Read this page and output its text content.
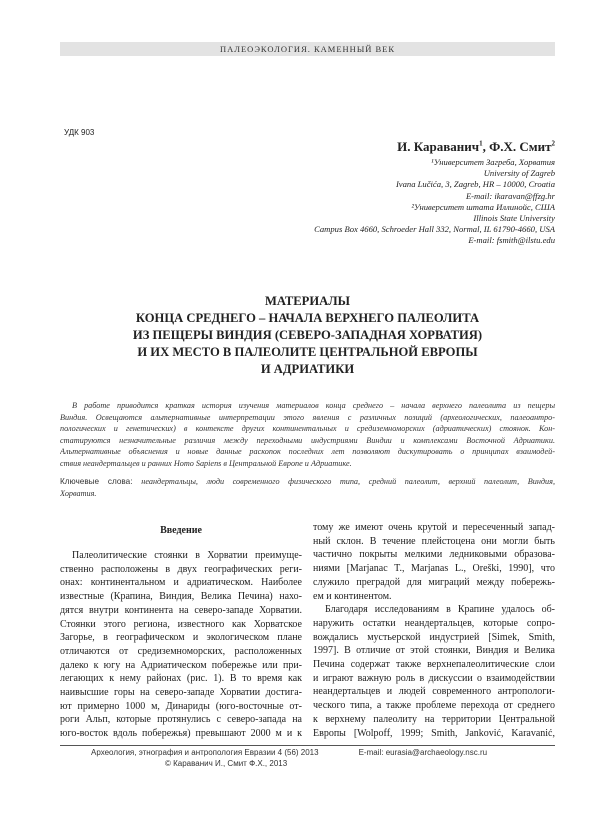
ПАЛЕОЭКОЛОГИЯ. КАМЕННЫЙ ВЕК
УДК 903
И. Караванич$^1$, Ф.Х. Смит$^2$
¹Университет Загреба, Хорватия
University of Zagreb
Ivana Lučića, 3, Zagreb, HR – 10000, Croatia
E-mail: ikaravan@ffzg.hr
²Университет штата Иллинойс, США
Illinois State University
Campus Box 4660, Schroeder Hall 332, Normal, IL 61790-4660, USA
E-mail: fsmith@ilstu.edu
МАТЕРИАЛЫ
КОНЦА СРЕДНЕГО – НАЧАЛА ВЕРХНЕГО ПАЛЕОЛИТА
ИЗ ПЕЩЕРЫ ВИНДИЯ (СЕВЕРО-ЗАПАДНАЯ ХОРВАТИЯ)
И ИХ МЕСТО В ПАЛЕОЛИТЕ ЦЕНТРАЛЬНОЙ ЕВРОПЫ
И АДРИАТИКИ
В работе приводится краткая история изучения материалов конца среднего – начала верхнего палеолита из пещеры
Виндия. Освещаются альтернативные интерпретации этого явления с различных позиций (археологических, палеоантро-
пологических и генетических) в контексте других континентальных и средиземноморских (адриатических) стоянок. Кон-
статируются незначительные различия между переходными индустриями Виндии и комплексами Восточной Адриатики.
Альтернативные объяснения и новые данные раскопок последних лет позволяют дискутировать о принципах взаимодей-
ствия неандертальцев и ранних Homo Sapiens в Центральной Европе и Адриатике.
Ключевые слова: неандертальцы, люди современного физического типа, средний палеолит, верхний палеолит, Виндия,
Хорватия.
Введение
Палеолитические стоянки в Хорватии преимуще-
ственно расположены в двух географических реги-
онах: континентальном и адриатическом. Наиболее
известные (Крапина, Виндия, Велика Печина) нахо-
дятся внутри континента на северо-западе Хорватии.
Стоянки этого региона, известного как Хорватское
Загорье, в географическом и экологическом плане
отличаются от средиземноморских, расположенных
далеко к югу на Адриатическом побережье или при-
легающих к нему районах (рис. 1). В то время как
наивысшие горы на северо-западе Хорватии достига-
ют примерно 1000 м, Динариды (юго-восточные от-
роги Альп, которые протянулись с северо-запада на
юго-восток вдоль побережья) превышают 2000 м и к
тому же имеют очень крутой и пересеченный запад-
ный склон. В течение плейстоцена они могли быть
частично покрыты мелкими ледниковыми образова-
ниями [Marjanac T., Marjanas L., Oreški, 1990], что
служило преградой для миграций между побережь-
ем и континентом.
Благодаря исследованиям в Крапине удалось об-
наружить остатки неандертальцев, которые сопро-
вождались мустьерской индустрией [Simek, Smith,
1997]. В отличие от этой стоянки, Виндия и Велика
Печина содержат также верхнепалеолитические слои
и играют важную роль в дискуссии о взаимодействии
неандертальцев и людей современного антропологи-
ческого типа, а также проблеме перехода от среднего
к верхнему палеолиту на территории Центральной
Европы [Wolpoff, 1999; Smith, Janković, Karavanić,
Археология, этнография и антропология Евразии 4 (56) 2013	E-mail: eurasia@archaeology.nsc.ru
© Караванич И., Смит Ф.Х., 2013
